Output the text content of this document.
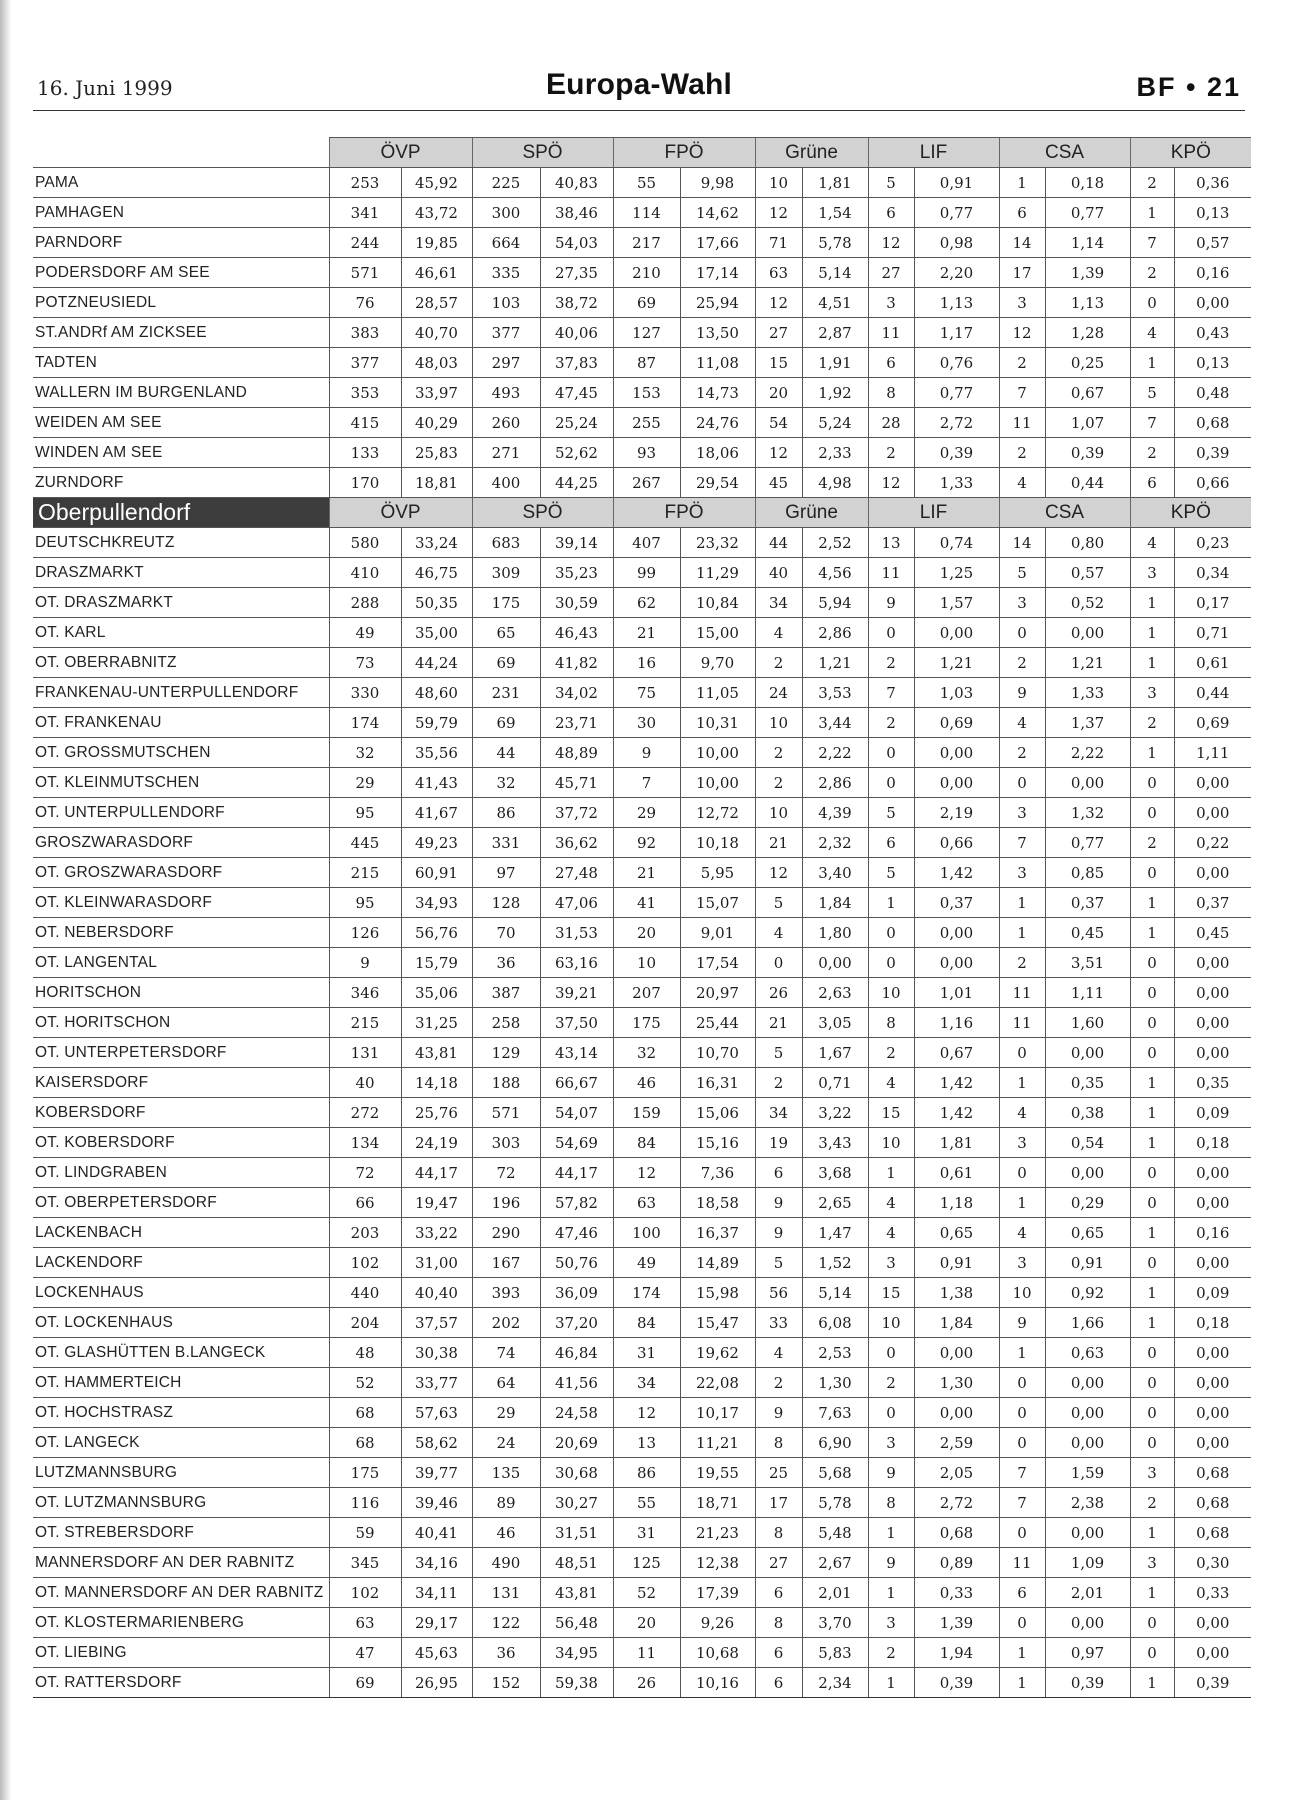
16. Juni 1999	Europa-Wahl	BF • 21
	ÖVP		SPÖ		FPÖ		Grüne		LIF		CSA		KPÖ	
PAMA	253	45,92	225	40,83	55	9,98	10	1,81	5	0,91	1	0,18	2	0,36
PAMHAGEN	341	43,72	300	38,46	114	14,62	12	1,54	6	0,77	6	0,77	1	0,13
PARNDORF	244	19,85	664	54,03	217	17,66	71	5,78	12	0,98	14	1,14	7	0,57
PODERSDORF AM SEE	571	46,61	335	27,35	210	17,14	63	5,14	27	2,20	17	1,39	2	0,16
POTZNEUSIEDL	76	28,57	103	38,72	69	25,94	12	4,51	3	1,13	3	1,13	0	0,00
ST.ANDRf AM ZICKSEE	383	40,70	377	40,06	127	13,50	27	2,87	11	1,17	12	1,28	4	0,43
TADTEN	377	48,03	297	37,83	87	11,08	15	1,91	6	0,76	2	0,25	1	0,13
WALLERN IM BURGENLAND	353	33,97	493	47,45	153	14,73	20	1,92	8	0,77	7	0,67	5	0,48
WEIDEN AM SEE	415	40,29	260	25,24	255	24,76	54	5,24	28	2,72	11	1,07	7	0,68
WINDEN AM SEE	133	25,83	271	52,62	93	18,06	12	2,33	2	0,39	2	0,39	2	0,39
ZURNDORF	170	18,81	400	44,25	267	29,54	45	4,98	12	1,33	4	0,44	6	0,66
Oberpullendorf	ÖVP		SPÖ		FPÖ		Grüne		LIF		CSA		KPÖ	
DEUTSCHKREUTZ	580	33,24	683	39,14	407	23,32	44	2,52	13	0,74	14	0,80	4	0,23
DRASZMARKT	410	46,75	309	35,23	99	11,29	40	4,56	11	1,25	5	0,57	3	0,34
OT. DRASZMARKT	288	50,35	175	30,59	62	10,84	34	5,94	9	1,57	3	0,52	1	0,17
OT. KARL	49	35,00	65	46,43	21	15,00	4	2,86	0	0,00	0	0,00	1	0,71
OT. OBERRABNITZ	73	44,24	69	41,82	16	9,70	2	1,21	2	1,21	2	1,21	1	0,61
FRANKENAU-UNTERPULLENDORF	330	48,60	231	34,02	75	11,05	24	3,53	7	1,03	9	1,33	3	0,44
OT. FRANKENAU	174	59,79	69	23,71	30	10,31	10	3,44	2	0,69	4	1,37	2	0,69
OT. GROSSMUTSCHEN	32	35,56	44	48,89	9	10,00	2	2,22	0	0,00	2	2,22	1	1,11
OT. KLEINMUTSCHEN	29	41,43	32	45,71	7	10,00	2	2,86	0	0,00	0	0,00	0	0,00
OT. UNTERPULLENDORF	95	41,67	86	37,72	29	12,72	10	4,39	5	2,19	3	1,32	0	0,00
GROSZWARASDORF	445	49,23	331	36,62	92	10,18	21	2,32	6	0,66	7	0,77	2	0,22
OT. GROSZWARASDORF	215	60,91	97	27,48	21	5,95	12	3,40	5	1,42	3	0,85	0	0,00
OT. KLEINWARASDORF	95	34,93	128	47,06	41	15,07	5	1,84	1	0,37	1	0,37	1	0,37
OT. NEBERSDORF	126	56,76	70	31,53	20	9,01	4	1,80	0	0,00	1	0,45	1	0,45
OT. LANGENTAL	9	15,79	36	63,16	10	17,54	0	0,00	0	0,00	2	3,51	0	0,00
HORITSCHON	346	35,06	387	39,21	207	20,97	26	2,63	10	1,01	11	1,11	0	0,00
OT. HORITSCHON	215	31,25	258	37,50	175	25,44	21	3,05	8	1,16	11	1,60	0	0,00
OT. UNTERPETERSDORF	131	43,81	129	43,14	32	10,70	5	1,67	2	0,67	0	0,00	0	0,00
KAISERSDORF	40	14,18	188	66,67	46	16,31	2	0,71	4	1,42	1	0,35	1	0,35
KOBERSDORF	272	25,76	571	54,07	159	15,06	34	3,22	15	1,42	4	0,38	1	0,09
OT. KOBERSDORF	134	24,19	303	54,69	84	15,16	19	3,43	10	1,81	3	0,54	1	0,18
OT. LINDGRABEN	72	44,17	72	44,17	12	7,36	6	3,68	1	0,61	0	0,00	0	0,00
OT. OBERPETERSDORF	66	19,47	196	57,82	63	18,58	9	2,65	4	1,18	1	0,29	0	0,00
LACKENBACH	203	33,22	290	47,46	100	16,37	9	1,47	4	0,65	4	0,65	1	0,16
LACKENDORF	102	31,00	167	50,76	49	14,89	5	1,52	3	0,91	3	0,91	0	0,00
LOCKENHAUS	440	40,40	393	36,09	174	15,98	56	5,14	15	1,38	10	0,92	1	0,09
OT. LOCKENHAUS	204	37,57	202	37,20	84	15,47	33	6,08	10	1,84	9	1,66	1	0,18
OT. GLASHÜTTEN B.LANGECK	48	30,38	74	46,84	31	19,62	4	2,53	0	0,00	1	0,63	0	0,00
OT. HAMMERTEICH	52	33,77	64	41,56	34	22,08	2	1,30	2	1,30	0	0,00	0	0,00
OT. HOCHSTRASZ	68	57,63	29	24,58	12	10,17	9	7,63	0	0,00	0	0,00	0	0,00
OT. LANGECK	68	58,62	24	20,69	13	11,21	8	6,90	3	2,59	0	0,00	0	0,00
LUTZMANNSBURG	175	39,77	135	30,68	86	19,55	25	5,68	9	2,05	7	1,59	3	0,68
OT. LUTZMANNSBURG	116	39,46	89	30,27	55	18,71	17	5,78	8	2,72	7	2,38	2	0,68
OT. STREBERSDORF	59	40,41	46	31,51	31	21,23	8	5,48	1	0,68	0	0,00	1	0,68
MANNERSDORF AN DER RABNITZ	345	34,16	490	48,51	125	12,38	27	2,67	9	0,89	11	1,09	3	0,30
OT. MANNERSDORF AN DER RABNITZ	102	34,11	131	43,81	52	17,39	6	2,01	1	0,33	6	2,01	1	0,33
OT. KLOSTERMARIENBERG	63	29,17	122	56,48	20	9,26	8	3,70	3	1,39	0	0,00	0	0,00
OT. LIEBING	47	45,63	36	34,95	11	10,68	6	5,83	2	1,94	1	0,97	0	0,00
OT. RATTERSDORF	69	26,95	152	59,38	26	10,16	6	2,34	1	0,39	1	0,39	1	0,39
